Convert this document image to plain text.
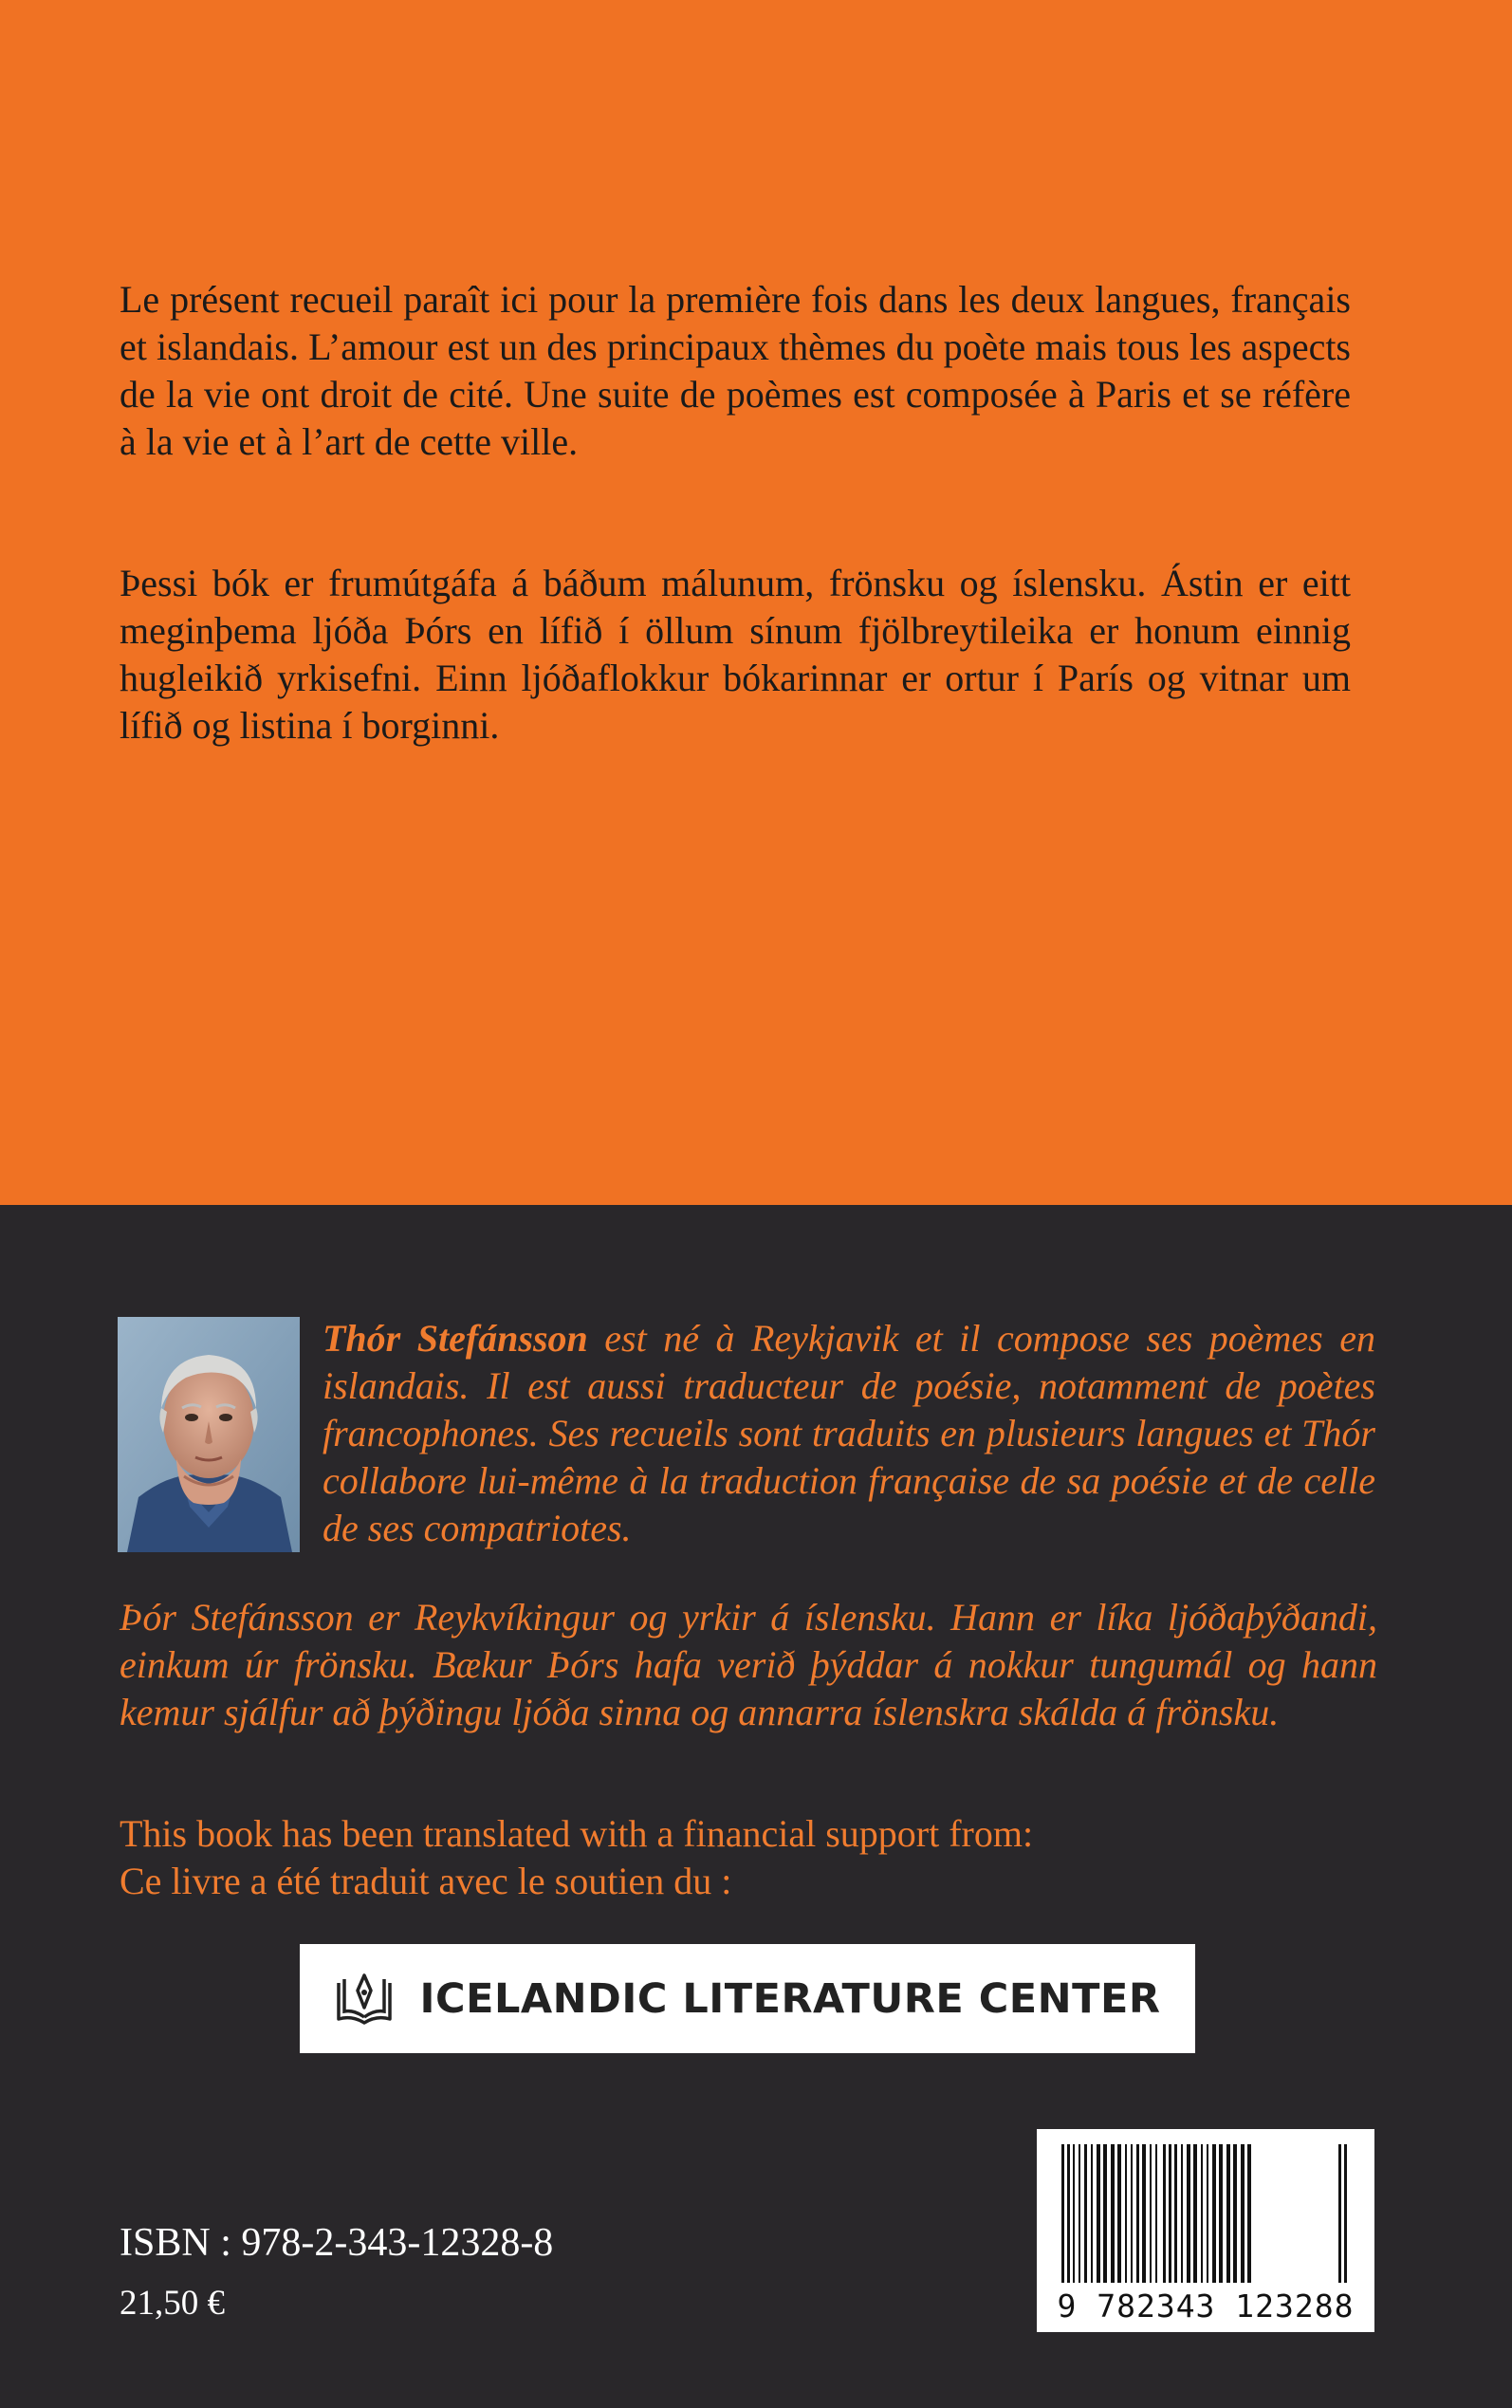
Le présent recueil paraît ici pour la première fois dans les deux langues, français et islandais. L’amour est un des principaux thèmes du poète mais tous les aspects de la vie ont droit de cité. Une suite de poèmes est composée à Paris et se réfère à la vie et à l’art de cette ville.

Þessi bók er frumútgáfa á báðum málunum, frönsku og íslensku. Ástin er eitt meginþema ljóða Þórs en lífið í öllum sínum fjölbreytileika er honum einnig hugleikið yrkisefni. Einn ljóðaflokkur bókarinnar er ortur í París og vitnar um lífið og listina í borginni.

Thór Stefánsson est né à Reykjavik et il compose ses poèmes en islandais. Il est aussi traducteur de poésie, notamment de poètes francophones. Ses recueils sont traduits en plusieurs langues et Thór collabore lui-même à la traduction française de sa poésie et de celle de ses compatriotes.

Þór Stefánsson er Reykvíkingur og yrkir á íslensku. Hann er líka ljóðaþýðandi, einkum úr frönsku. Bækur Þórs hafa verið þýddar á nokkur tungumál og hann kemur sjálfur að þýðingu ljóða sinna og annarra íslenskra skálda á frönsku.

This book has been translated with a financial support from:
Ce livre a été traduit avec le soutien du :
ICELANDIC LITERATURE CENTER
ISBN : 978-2-343-12328-8
21,50 €	9 782343 123288
